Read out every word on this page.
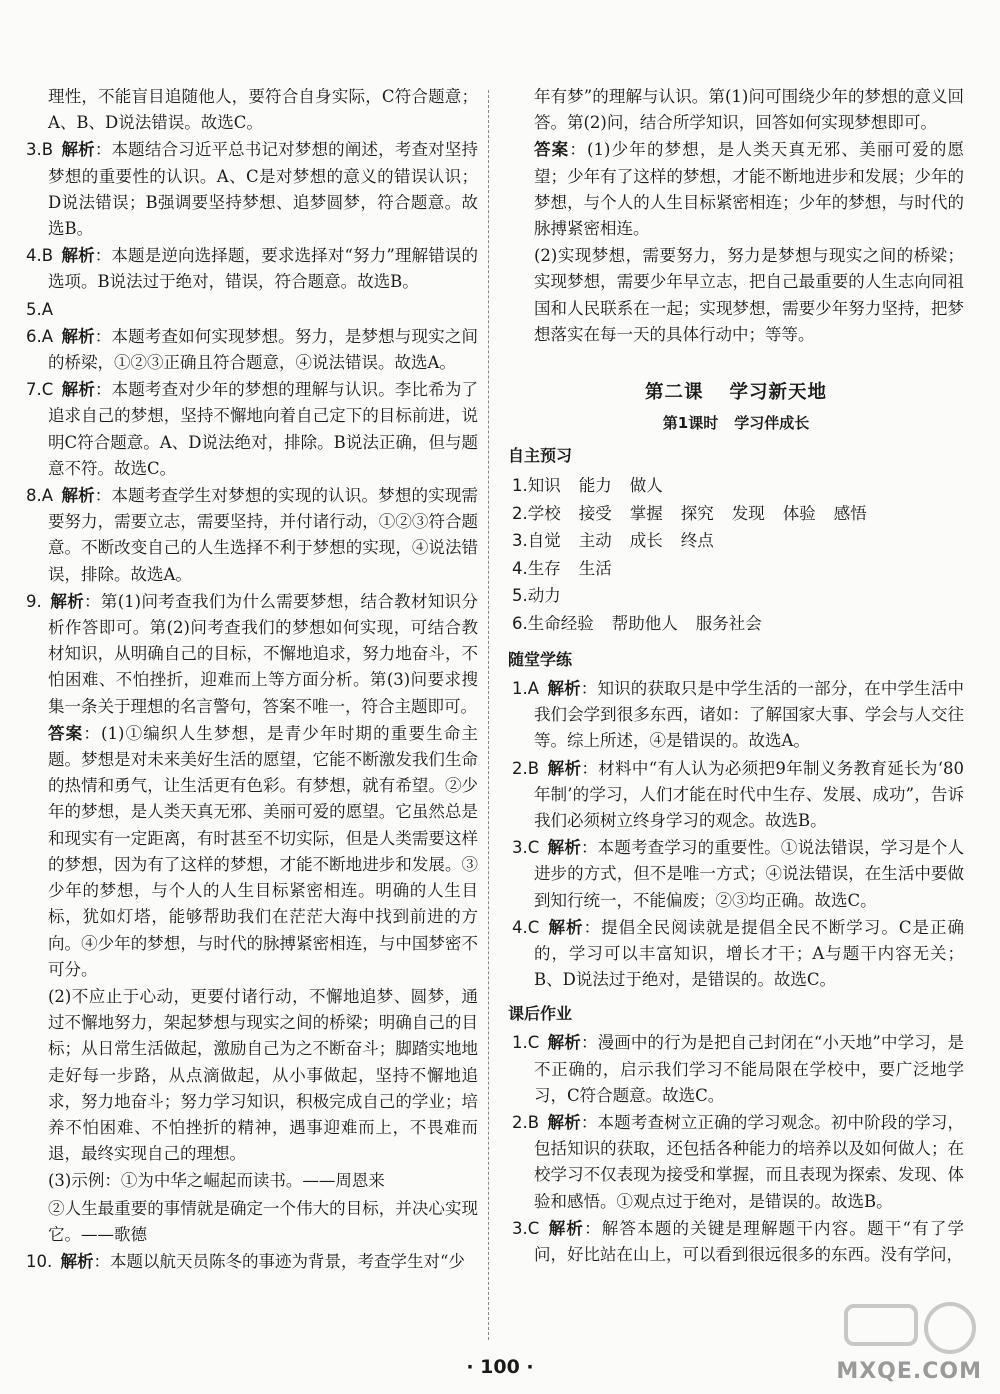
理性，不能盲目追随他人，要符合自身实际，C符合题意；A、B、D说法错误。故选C。
3.B  解析：本题结合习近平总书记对梦想的阐述，考查对坚持梦想的重要性的认识。A、C是对梦想的意义的错误认识；D说法错误；B强调要坚持梦想、追梦圆梦，符合题意。故选B。
4.B  解析：本题是逆向选择题，要求选择对“努力”理解错误的选项。B说法过于绝对，错误，符合题意。故选B。
5.A 
6.A  解析：本题考查如何实现梦想。努力，是梦想与现实之间的桥梁，①②③正确且符合题意，④说法错误。故选A。
7.C  解析：本题考查对少年的梦想的理解与认识。李比希为了追求自己的梦想，坚持不懈地向着自己定下的目标前进，说明C符合题意。A、D说法绝对，排除。B说法正确，但与题意不符。故选C。
8.A  解析：本题考查学生对梦想的实现的认识。梦想的实现需要努力，需要立志，需要坚持，并付诸行动，①②③符合题意。不断改变自己的人生选择不利于梦想的实现，④说法错误，排除。故选A。
9.  解析：第(1)问考查我们为什么需要梦想，结合教材知识分析作答即可。第(2)问考查我们的梦想如何实现，可结合教材知识，从明确自己的目标，不懈地追求，努力地奋斗，不怕困难、不怕挫折，迎难而上等方面分析。第(3)问要求搜集一条关于理想的名言警句，答案不唯一，符合主题即可。
答案：(1)①编织人生梦想，是青少年时期的重要生命主题。梦想是对未来美好生活的愿望，它能不断激发我们生命的热情和勇气，让生活更有色彩。有梦想，就有希望。②少年的梦想，是人类天真无邪、美丽可爱的愿望。它虽然总是和现实有一定距离，有时甚至不切实际，但是人类需要这样的梦想，因为有了这样的梦想，才能不断地进步和发展。③少年的梦想，与个人的人生目标紧密相连。明确的人生目标，犹如灯塔，能够帮助我们在茫茫大海中找到前进的方向。④少年的梦想，与时代的脉搏紧密相连，与中国梦密不可分。
(2)不应止于心动，更要付诸行动，不懈地追梦、圆梦，通过不懈地努力，架起梦想与现实之间的桥梁；明确自己的目标；从日常生活做起，激励自己为之不断奋斗；脚踏实地地走好每一步路，从点滴做起，从小事做起，坚持不懈地追求，努力地奋斗；努力学习知识，积极完成自己的学业；培养不怕困难、不怕挫折的精神，遇事迎难而上，不畏难而退，最终实现自己的理想。
(3)示例：①为中华之崛起而读书。——周恩来
②人生最重要的事情就是确定一个伟大的目标，并决心实现它。——歌德
10.  解析：本题以航天员陈冬的事迹为背景，考查学生对“少
年有梦”的理解与认识。第(1)问可围绕少年的梦想的意义回答。第(2)问，结合所学知识，回答如何实现梦想即可。
答案：(1)少年的梦想，是人类天真无邪、美丽可爱的愿望；少年有了这样的梦想，才能不断地进步和发展；少年的梦想，与个人的人生目标紧密相连；少年的梦想，与时代的脉搏紧密相连。
(2)实现梦想，需要努力，努力是梦想与现实之间的桥梁；实现梦想，需要少年早立志，把自己最重要的人生志向同祖国和人民联系在一起；实现梦想，需要少年努力坚持，把梦想落实在每一天的具体行动中；等等。
第二课 学习新天地
第1课时 学习伴成长
自主预习
1.知识 能力 做人
2.学校 接受 掌握 探究 发现 体验 感悟
3.自觉 主动 成长 终点
4.生存 生活
5.动力
6.生命经验 帮助他人 服务社会
随堂学练
1.A  解析：知识的获取只是中学生活的一部分，在中学生活中我们会学到很多东西，诸如：了解国家大事、学会与人交往等。综上所述，④是错误的。故选A。
2.B  解析：材料中“有人认为必须把9年制义务教育延长为‘80年制’的学习，人们才能在时代中生存、发展、成功”，告诉我们必须树立终身学习的观念。故选B。
3.C  解析：本题考查学习的重要性。①说法错误，学习是个人进步的方式，但不是唯一方式；④说法错误，在生活中要做到知行统一，不能偏废；②③均正确。故选C。
4.C  解析：提倡全民阅读就是提倡全民不断学习。C是正确的，学习可以丰富知识，增长才干；A与题干内容无关；B、D说法过于绝对，是错误的。故选C。
课后作业
1.C  解析：漫画中的行为是把自己封闭在“小天地”中学习，是不正确的，启示我们学习不能局限在学校中，要广泛地学习，C符合题意。故选C。
2.B  解析：本题考查树立正确的学习观念。初中阶段的学习，包括知识的获取，还包括各种能力的培养以及如何做人；在校学习不仅表现为接受和掌握，而且表现为探索、发现、体验和感悟。①观点过于绝对，是错误的。故选B。
3.C  解析：解答本题的关键是理解题干内容。题干“有了学问，好比站在山上，可以看到很远很多的东西。没有学问，
· 100 ·	MXQE.COM
